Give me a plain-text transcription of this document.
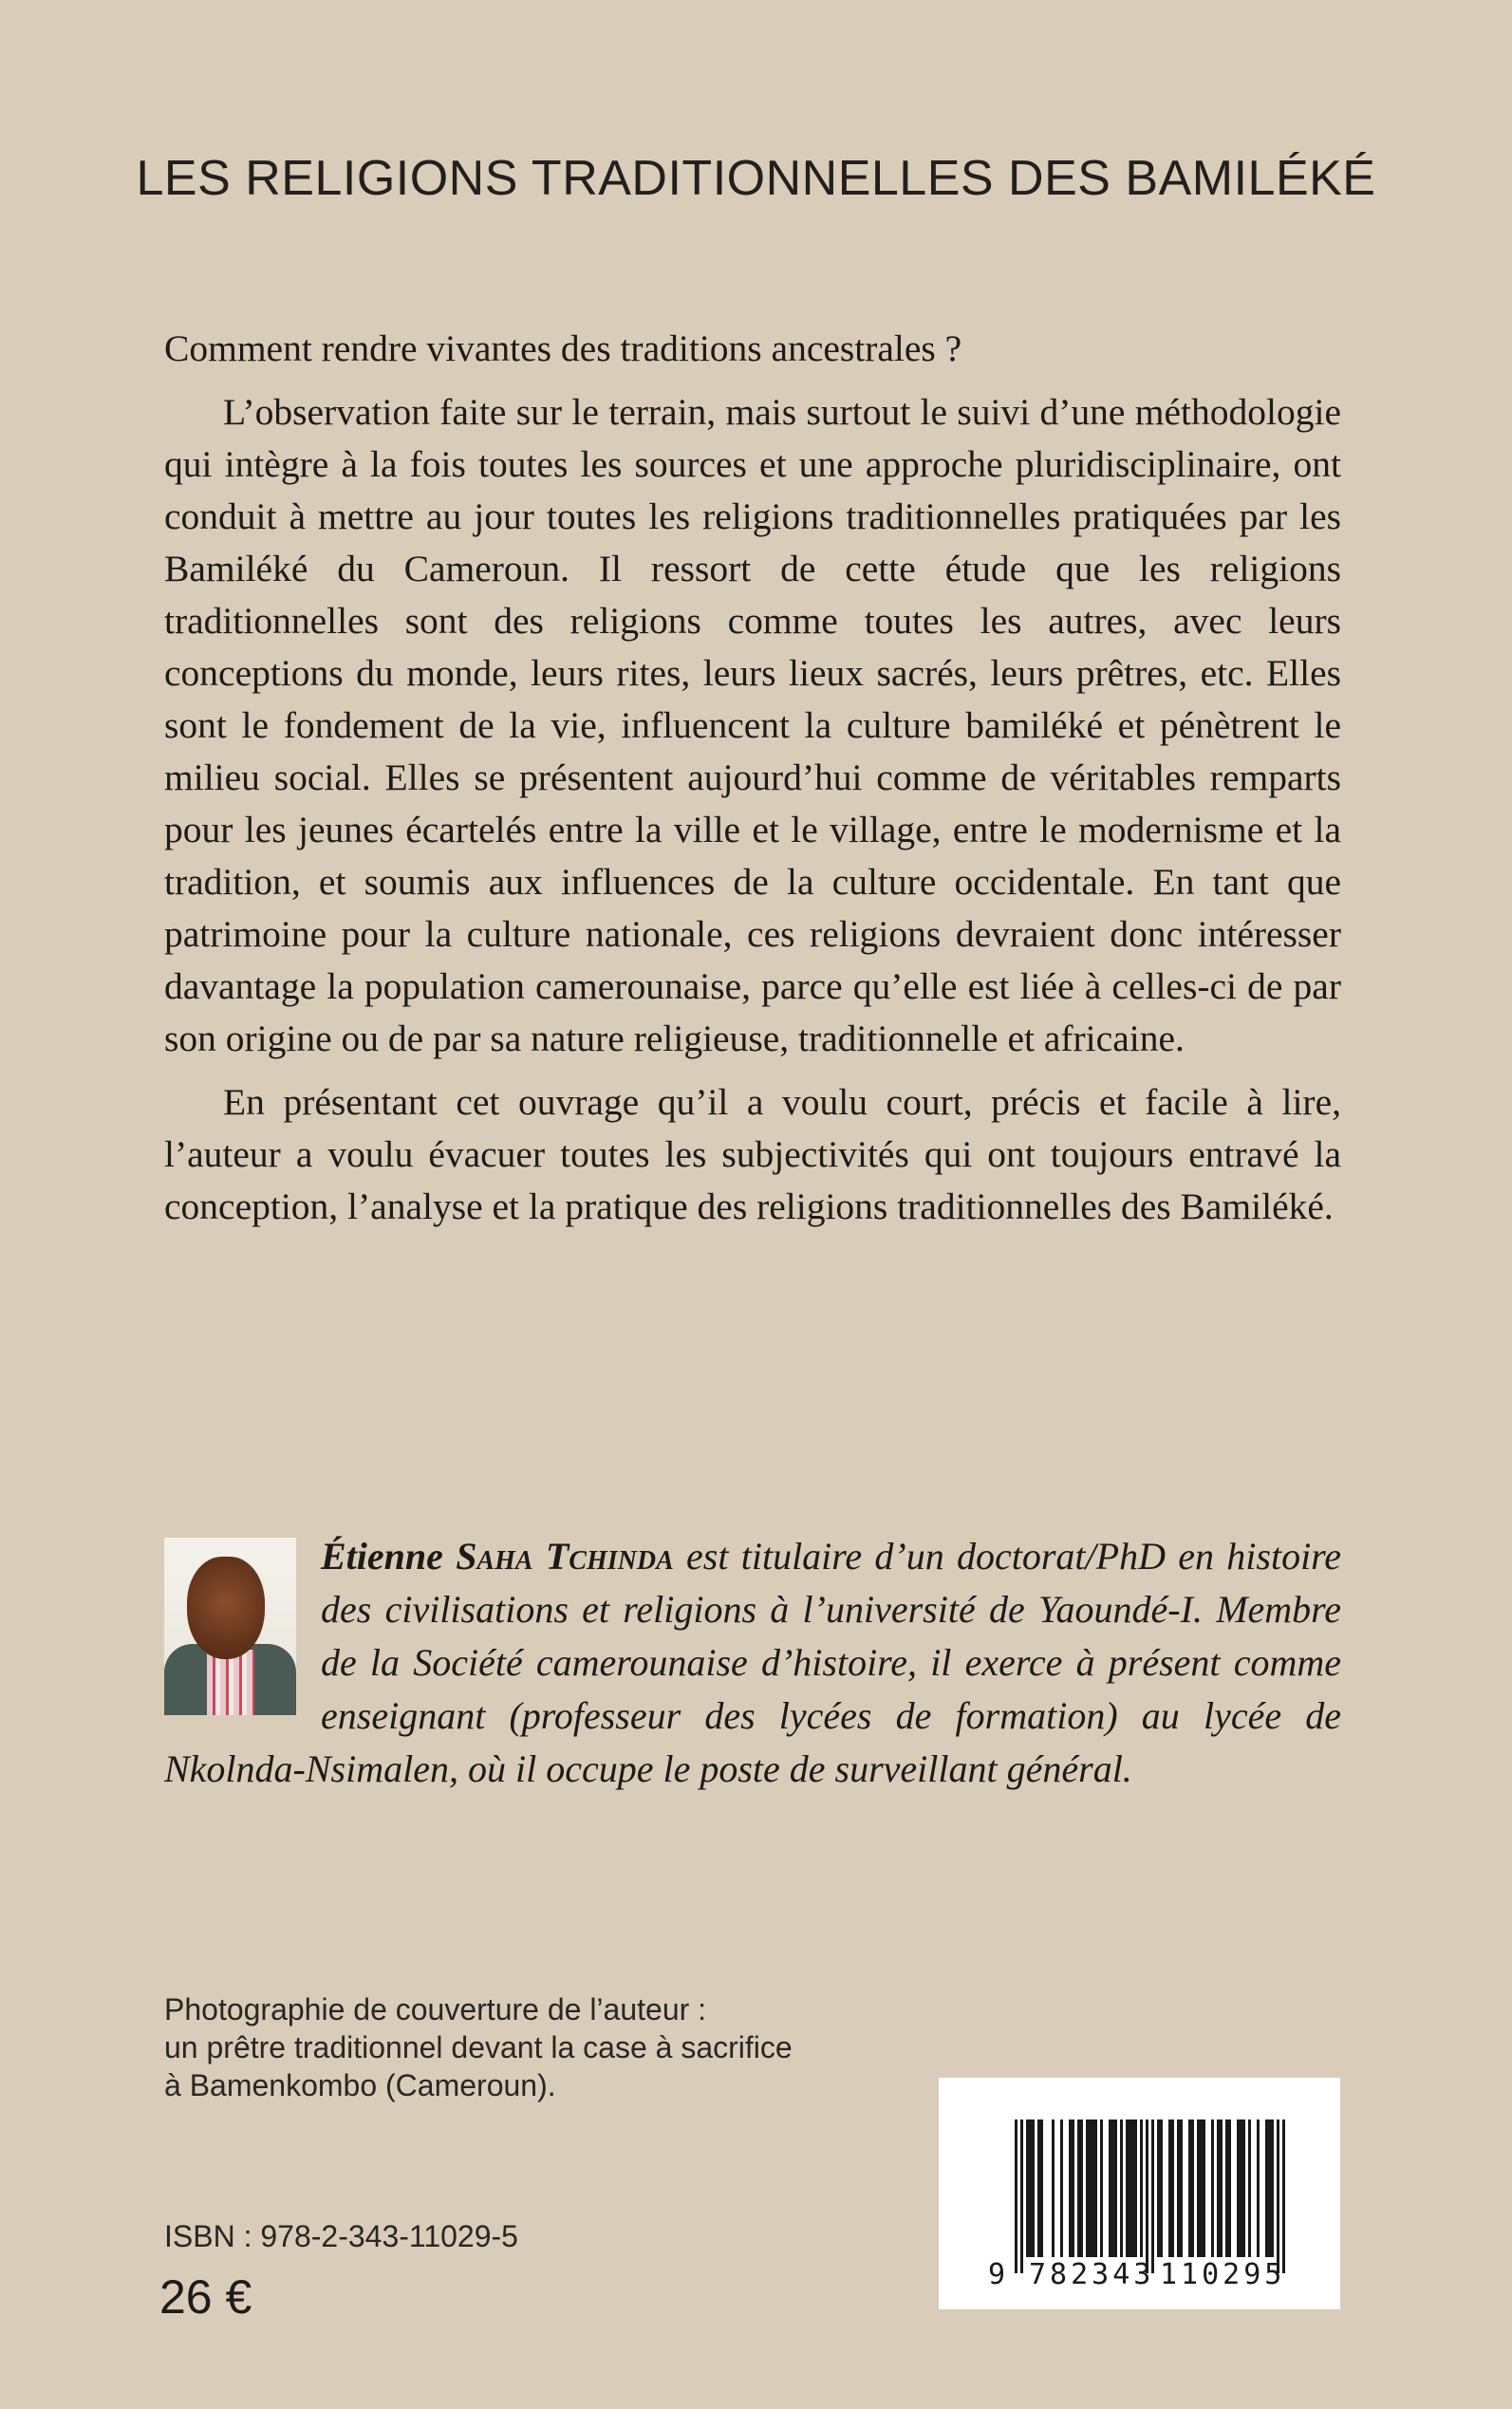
LES RELIGIONS TRADITIONNELLES DES BAMILÉKÉ

Comment rendre vivantes des traditions ancestrales ?

L’observation faite sur le terrain, mais surtout le suivi d’une méthodologie qui intègre à la fois toutes les sources et une approche pluridisciplinaire, ont conduit à mettre au jour toutes les religions traditionnelles pratiquées par les Bamiléké du Cameroun. Il ressort de cette étude que les religions traditionnelles sont des religions comme toutes les autres, avec leurs conceptions du monde, leurs rites, leurs lieux sacrés, leurs prêtres, etc. Elles sont le fondement de la vie, influencent la culture bamiléké et pénètrent le milieu social. Elles se présentent aujourd’hui comme de véritables remparts pour les jeunes écartelés entre la ville et le village, entre le modernisme et la tradition, et soumis aux influences de la culture occidentale. En tant que patrimoine pour la culture nationale, ces religions devraient donc intéresser davantage la population camerounaise, parce qu’elle est liée à celles-ci de par son origine ou de par sa nature religieuse, traditionnelle et africaine.

En présentant cet ouvrage qu’il a voulu court, précis et facile à lire, l’auteur a voulu évacuer toutes les subjectivités qui ont toujours entravé la conception, l’analyse et la pratique des religions traditionnelles des Bamiléké.

Étienne Saha Tchinda est titulaire d’un doctorat/PhD en histoire des civilisations et religions à l’université de Yaoundé-I. Membre de la Société camerounaise d’histoire, il exerce à présent comme enseignant (professeur des lycées de formation) au lycée de Nkolnda-Nsimalen, où il occupe le poste de surveillant général.
Photographie de couverture de l’auteur :
un prêtre traditionnel devant la case à sacrifice
à Bamenkombo (Cameroun).
ISBN : 978-2-343-11029-5
26 €	9 782343 110295
